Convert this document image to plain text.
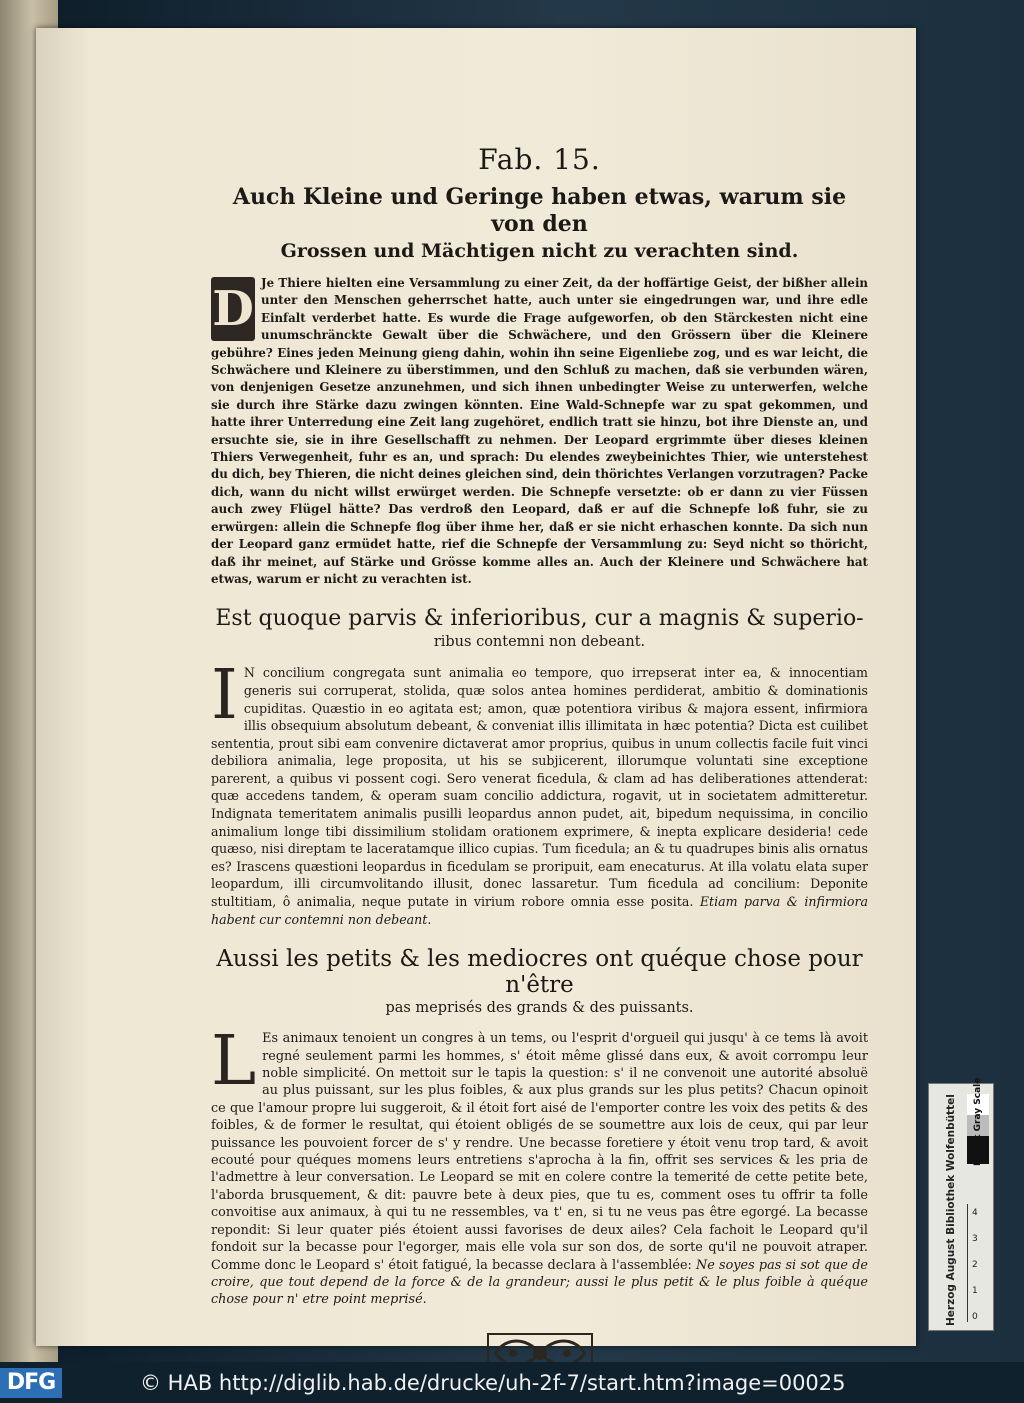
Fab. 15.
Auch Kleine und Geringe haben etwas, warum sie von den
Grossen und Mächtigen nicht zu verachten sind.

D Je Thiere hielten eine Versammlung zu einer Zeit, da der hoffärtige Geist, der bißher allein unter den Menschen geherrschet hatte, auch unter sie eingedrungen war, und ihre edle Einfalt verderbet hatte. Es wurde die Frage aufgeworfen, ob den Stärckesten nicht eine unumschränckte Gewalt über die Schwächere, und den Grössern über die Kleinere gebühre? Eines jeden Meinung gieng dahin, wohin ihn seine Eigenliebe zog, und es war leicht, die Schwächere und Kleinere zu überstimmen, und den Schluß zu machen, daß sie verbunden wären, von denjenigen Gesetze anzunehmen, und sich ihnen unbedingter Weise zu unterwerfen, welche sie durch ihre Stärke dazu zwingen könnten. Eine Wald-Schnepfe war zu spat gekommen, und hatte ihrer Unterredung eine Zeit lang zugehöret, endlich tratt sie hinzu, bot ihre Dienste an, und ersuchte sie, sie in ihre Gesellschafft zu nehmen. Der Leopard ergrimmte über dieses kleinen Thiers Verwegenheit, fuhr es an, und sprach: Du elendes zweybeinichtes Thier, wie unterstehest du dich, bey Thieren, die nicht deines gleichen sind, dein thörichtes Verlangen vorzutragen? Packe dich, wann du nicht willst erwürget werden. Die Schnepfe versetzte: ob er dann zu vier Füssen auch zwey Flügel hätte? Das verdroß den Leopard, daß er auf die Schnepfe loß fuhr, sie zu erwürgen: allein die Schnepfe flog über ihme her, daß er sie nicht erhaschen konnte. Da sich nun der Leopard ganz ermüdet hatte, rief die Schnepfe der Versammlung zu: Seyd nicht so thöricht, daß ihr meinet, auf Stärke und Grösse komme alles an. Auch der Kleinere und Schwächere hat etwas, warum er nicht zu verachten ist.

Est quoque parvis & inferioribus, cur a magnis & superio-
ribus contemni non debeant.

I N concilium congregata sunt animalia eo tempore, quo irrepserat inter ea, & innocentiam generis sui corruperat, stolida, quæ solos antea homines perdiderat, ambitio & dominationis cupiditas. Quæstio in eo agitata est; amon, quæ potentiora viribus & majora essent, infirmiora illis obsequium absolutum debeant, & conveniat illis illimitata in hæc potentia? Dicta est cuilibet sententia, prout sibi eam convenire dictaverat amor proprius, quibus in unum collectis facile fuit vinci debiliora animalia, lege proposita, ut his se subjicerent, illorumque voluntati sine exceptione parerent, a quibus vi possent cogi. Sero venerat ficedula, & clam ad has deliberationes attenderat: quæ accedens tandem, & operam suam concilio addictura, rogavit, ut in societatem admitteretur. Indignata temeritatem animalis pusilli leopardus annon pudet, ait, bipedum nequissima, in concilio animalium longe tibi dissimilium stolidam orationem exprimere, & inepta explicare desideria! cede quæso, nisi direptam te laceratamque illico cupias. Tum ficedula; an & tu quadrupes binis alis ornatus es? Irascens quæstioni leopardus in ficedulam se proripuit, eam enecaturus. At illa volatu elata super leopardum, illi circumvolitando illusit, donec lassaretur. Tum ficedula ad concilium: Deponite stultitiam, ô animalia, neque putate in virium robore omnia esse posita. Etiam parva & infirmiora habent cur contemni non debeant.

Aussi les petits & les mediocres ont quéque chose pour n'être
pas meprisés des grands & des puissants.

L Es animaux tenoient un congres à un tems, ou l'esprit d'orgueil qui jusqu' à ce tems là avoit regné seulement parmi les hommes, s' étoit même glissé dans eux, & avoit corrompu leur noble simplicité. On mettoit sur le tapis la question: s' il ne convenoit une autorité absoluë au plus puissant, sur les plus foibles, & aux plus grands sur les plus petits? Chacun opinoit ce que l'amour propre lui suggeroit, & il étoit fort aisé de l'emporter contre les voix des petits & des foibles, & de former le resultat, qui étoient obligés de se soumettre aux lois de ceux, qui par leur puissance les pouvoient forcer de s' y rendre. Une becasse foretiere y étoit venu trop tard, & avoit ecouté pour quéques momens leurs entretiens s'aprocha à la fin, offrit ses services & les pria de l'admettre à leur conversation. Le Leopard se mit en colere contre la temerité de cette petite bete, l'aborda brusquement, & dit: pauvre bete à deux pies, que tu es, comment oses tu offrir ta folle convoitise aux animaux, à qui tu ne ressembles, va t' en, si tu ne veus pas être egorgé. La becasse repondit: Si leur quater piés étoient aussi favorises de deux ailes? Cela fachoit le Leopard qu'il fondoit sur la becasse pour l'egorger, mais elle vola sur son dos, de sorte qu'il ne pouvoit atraper. Comme donc le Leopard s' étoit fatigué, la becasse declara à l'assemblée: Ne soyes pas si sot que de croire, que tout depend de la force & de la grandeur; aussi le plus petit & le plus foible à quéque chose pour n' etre point meprisé.	Herzog August Bibliothek Wolfenbüttel	Kodak Gray Scale
0
1
2
3
4
DFG	© HAB http://diglib.hab.de/drucke/uh-2f-7/start.htm?image=00025
